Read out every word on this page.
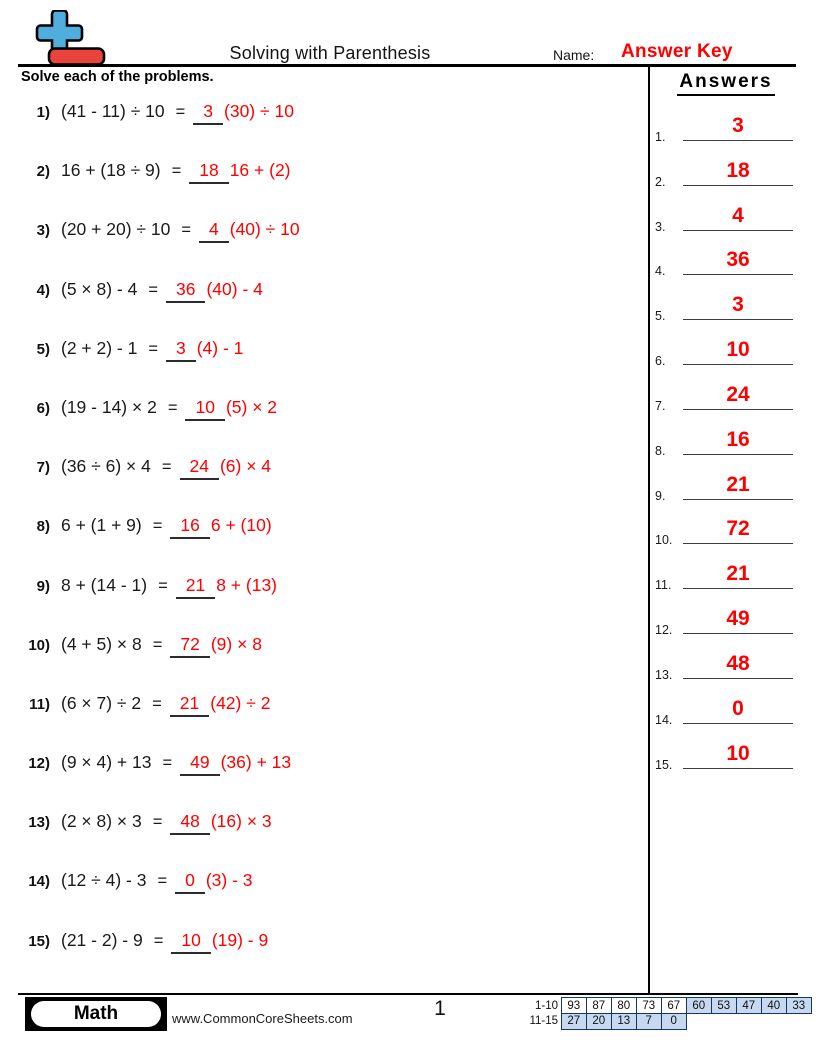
Solving with Parenthesis	Name: Answer Key
Solve each of the problems.
1) (41 - 11) ÷ 10 =	3 (30) ÷ 10
2) 16 + (18 ÷ 9) =	18 16 + (2)
3) (20 + 20) ÷ 10 =	4 (40) ÷ 10
4) (5 × 8) - 4 =	36 (40) - 4
5) (2 + 2) - 1 =	3 (4) - 1
6) (19 - 14) × 2 =	10 (5) × 2
7) (36 ÷ 6) × 4 =	24 (6) × 4
8) 6 + (1 + 9) =	16 6 + (10)
9) 8 + (14 - 1) =	21 8 + (13)
10) (4 + 5) × 8 =	72 (9) × 8
11) (6 × 7) ÷ 2 =	21 (42) ÷ 2
12) (9 × 4) + 13 =	49 (36) + 13
13) (2 × 8) × 3 =	48 (16) × 3
14) (12 ÷ 4) - 3 =	0 (3) - 3
15) (21 - 2) - 9 =	10 (19) - 9
Answers
1.	3
2.	18
3.	4
4.	36
5.	3
6.	10
7.	24
8.	16
9.	21
10.	72
11.	21
12.	49
13.	48
14.	0
15.	10
Math	www.CommonCoreSheets.com	1	1-10 93	87	80	73	67	60	53	47	40	33
11-15 27	20	13	7	0
